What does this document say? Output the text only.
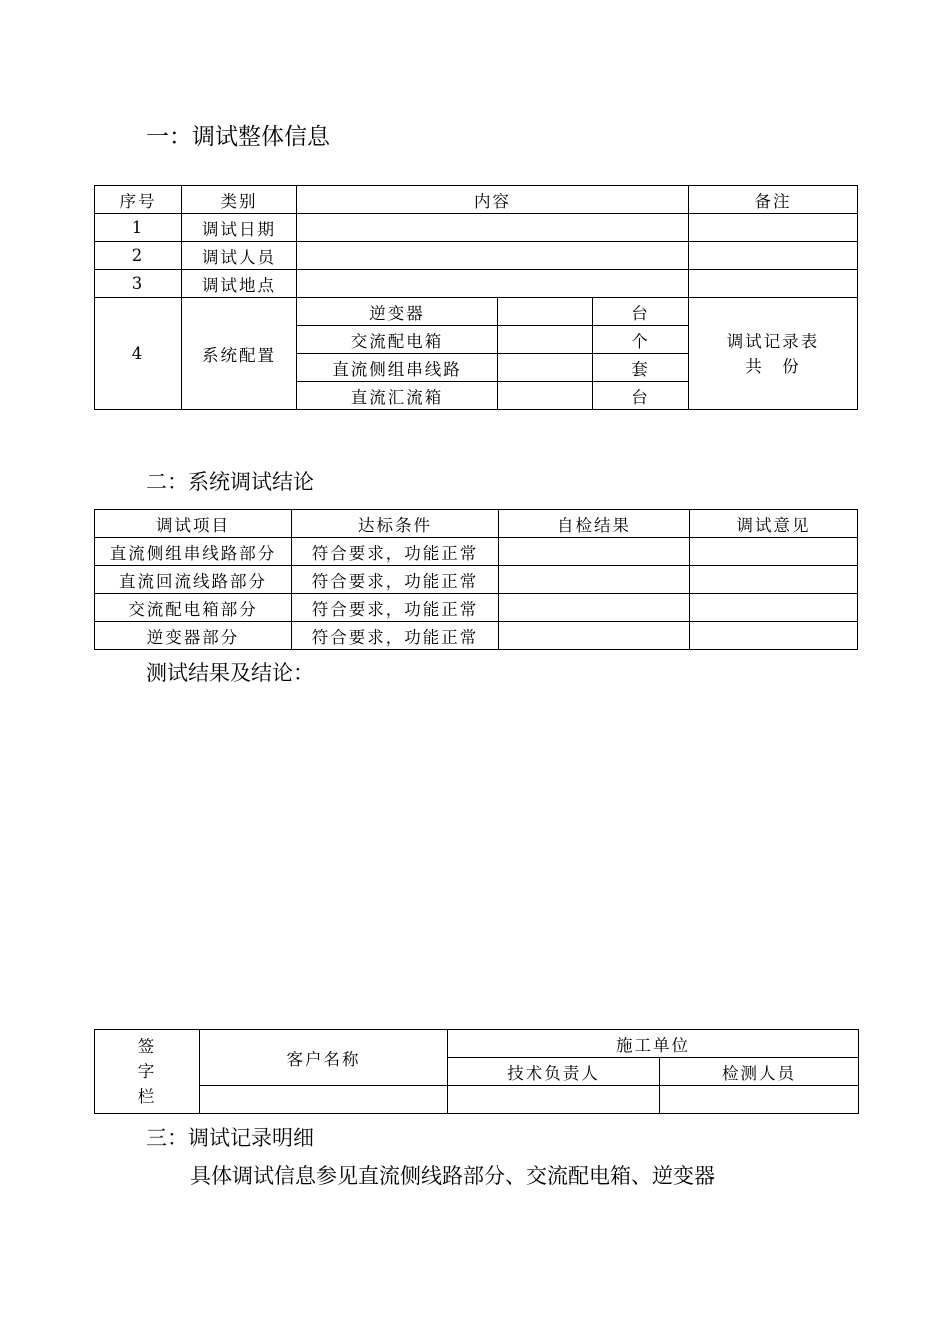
一：调试整体信息
序号	类别	内容			备注
1	调试日期				
2	调试人员				
3	调试地点				
4	系统配置	逆变器		台	调试记录表
共　份

		交流配电箱		个	
		直流侧组串线路		套	
		直流汇流箱		台	
二：系统调试结论
调试项目	达标条件	自检结果	调试意见
直流侧组串线路部分	符合要求，功能正常		
直流回流线路部分	符合要求，功能正常		
交流配电箱部分	符合要求，功能正常		
逆变器部分	符合要求，功能正常		
测试结果及结论：
签
字
栏	客户名称	施工单位	
		技术负责人	检测人员

三：调试记录明细
具体调试信息参见直流侧线路部分、交流配电箱、逆变器
